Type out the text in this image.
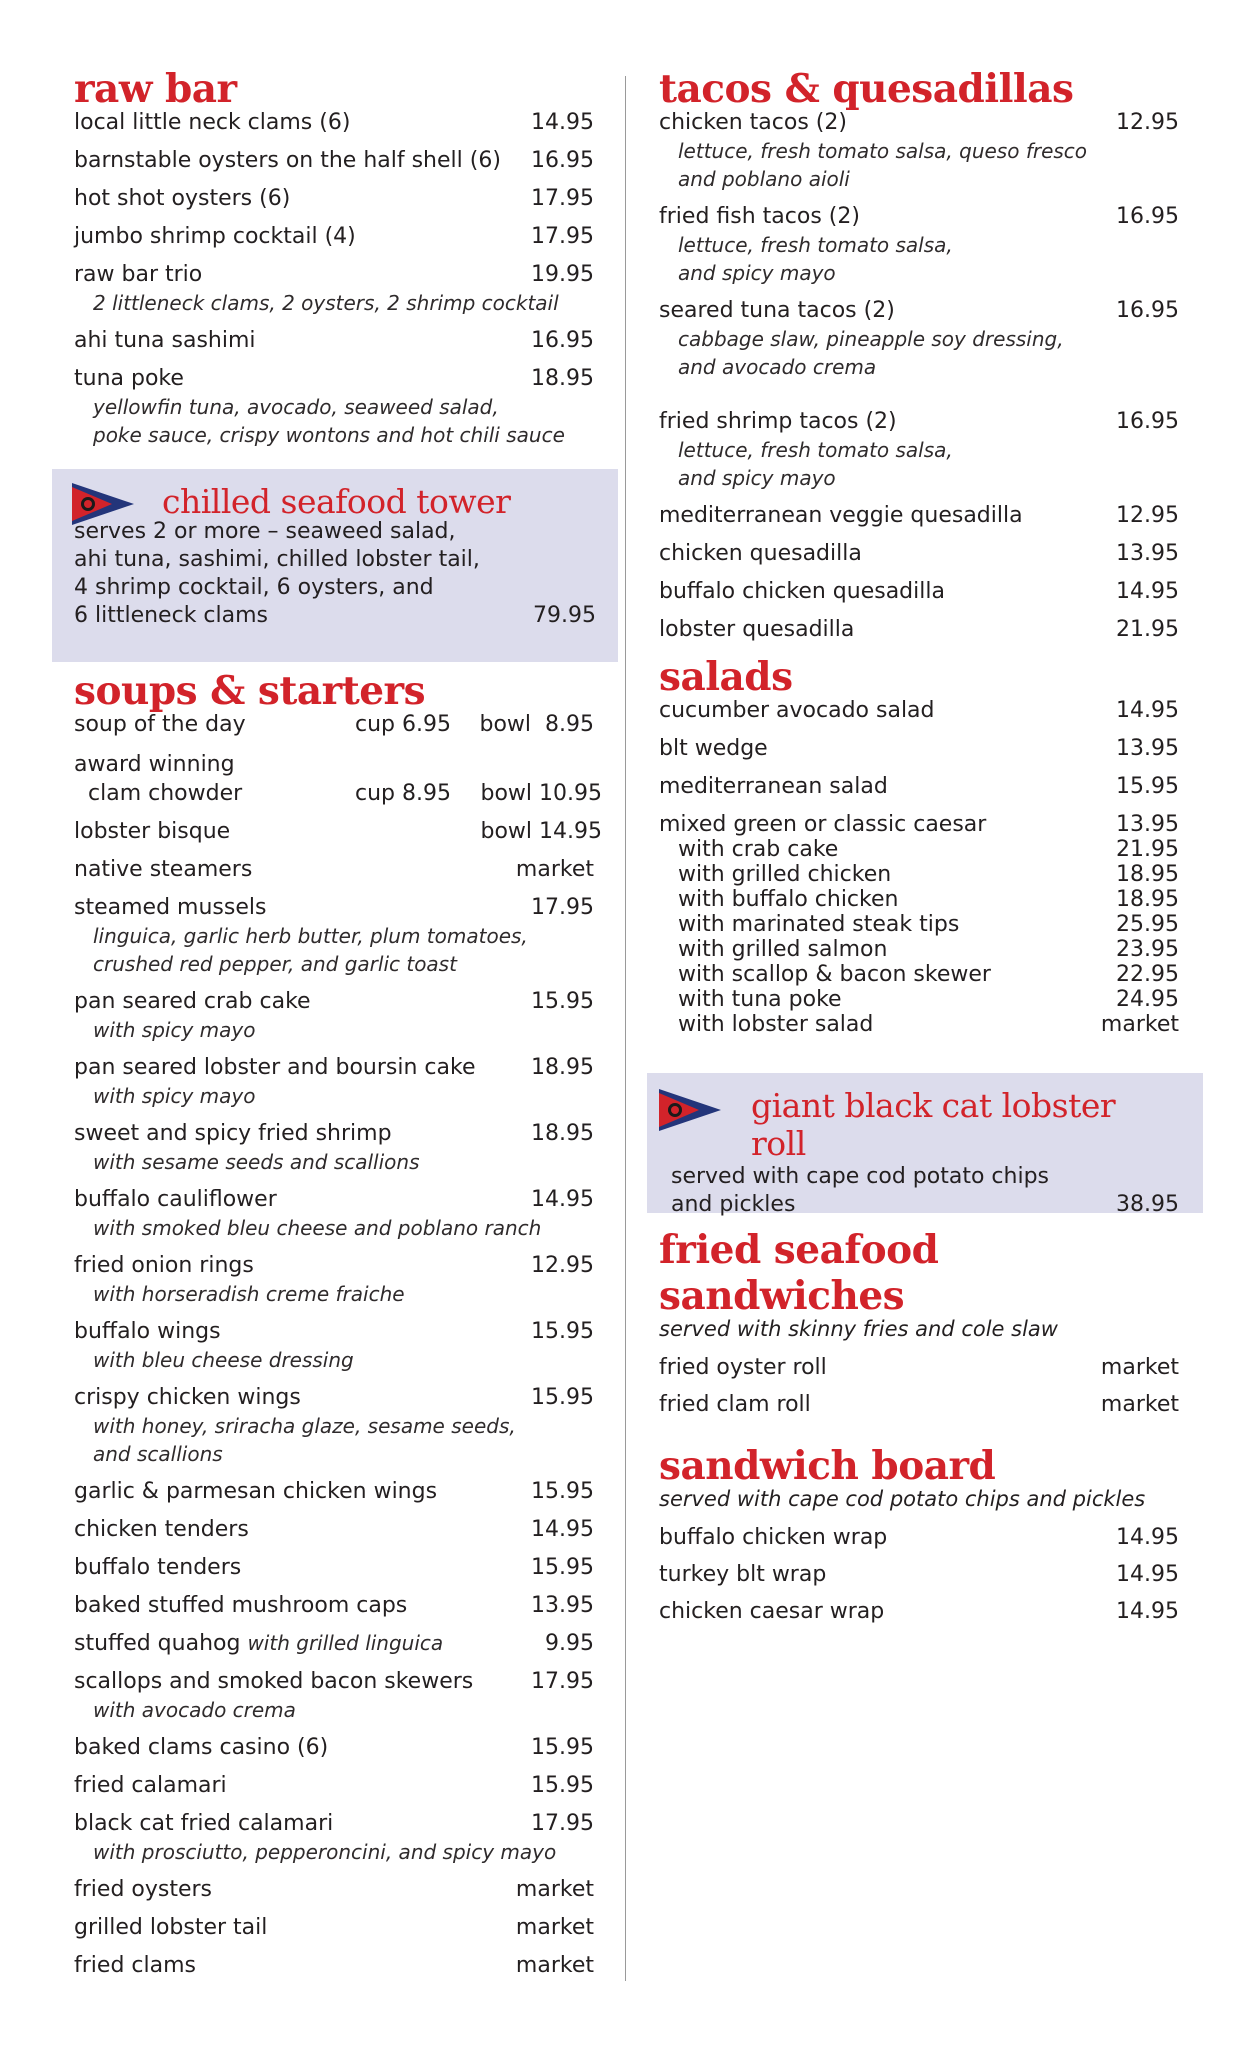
raw bar
local little neck clams (6)	14.95
barnstable oysters on the half shell (6) 16.95
hot shot oysters (6)	17.95
jumbo shrimp cocktail (4)	17.95
raw bar trio	19.95
2 littleneck clams, 2 oysters, 2 shrimp cocktail
ahi tuna sashimi	16.95
tuna poke	18.95
yellowfin tuna, avocado, seaweed salad,
poke sauce, crispy wontons and hot chili sauce
chilled seafood tower
serves 2 or more – seaweed salad,
ahi tuna, sashimi, chilled lobster tail,
4 shrimp cocktail, 6 oysters, and
6 littleneck clams	79.95
soups & starters
soup of the day	cup 6.95 bowl  8.95
award winning
clam chowder	cup 8.95 bowl 10.95
lobster bisque	bowl 14.95
native steamers	market
steamed mussels	17.95
linguica, garlic herb butter, plum tomatoes,
crushed red pepper, and garlic toast
pan seared crab cake	15.95
with spicy mayo
pan seared lobster and boursin cake	18.95
with spicy mayo
sweet and spicy fried shrimp	18.95
with sesame seeds and scallions
buffalo cauliflower	14.95
with smoked bleu cheese and poblano ranch
fried onion rings	12.95
with horseradish creme fraiche
buffalo wings	15.95
with bleu cheese dressing
crispy chicken wings	15.95
with honey, sriracha glaze, sesame seeds,
and scallions
garlic & parmesan chicken wings	15.95
chicken tenders	14.95
buffalo tenders	15.95
baked stuffed mushroom caps	13.95
stuffed quahog with grilled linguica	9.95
scallops and smoked bacon skewers	17.95
with avocado crema
baked clams casino (6)	15.95
fried calamari	15.95
black cat fried calamari	17.95
with prosciutto, pepperoncini, and spicy mayo
fried oysters	market
grilled lobster tail	market
fried clams	market
tacos & quesadillas
chicken tacos (2)	12.95
lettuce, fresh tomato salsa, queso fresco
and poblano aioli
fried fish tacos (2)	16.95
lettuce, fresh tomato salsa,
and spicy mayo
seared tuna tacos (2)	16.95
cabbage slaw, pineapple soy dressing,
and avocado crema
fried shrimp tacos (2)	16.95
lettuce, fresh tomato salsa,
and spicy mayo
mediterranean veggie quesadilla	12.95
chicken quesadilla	13.95
buffalo chicken quesadilla	14.95
lobster quesadilla	21.95
salads
cucumber avocado salad	14.95
blt wedge	13.95
mediterranean salad	15.95
mixed green or classic caesar	13.95
with crab cake	21.95
with grilled chicken	18.95
with buffalo chicken	18.95
with marinated steak tips	25.95
with grilled salmon	23.95
with scallop & bacon skewer	22.95
with tuna poke	24.95
with lobster salad	market
giant black cat lobster roll
served with cape cod potato chips
and pickles	38.95
fried seafood sandwiches
served with skinny fries and cole slaw
fried oyster roll	market
fried clam roll	market
sandwich board
served with cape cod potato chips and pickles
buffalo chicken wrap	14.95
turkey blt wrap	14.95
chicken caesar wrap	14.95
